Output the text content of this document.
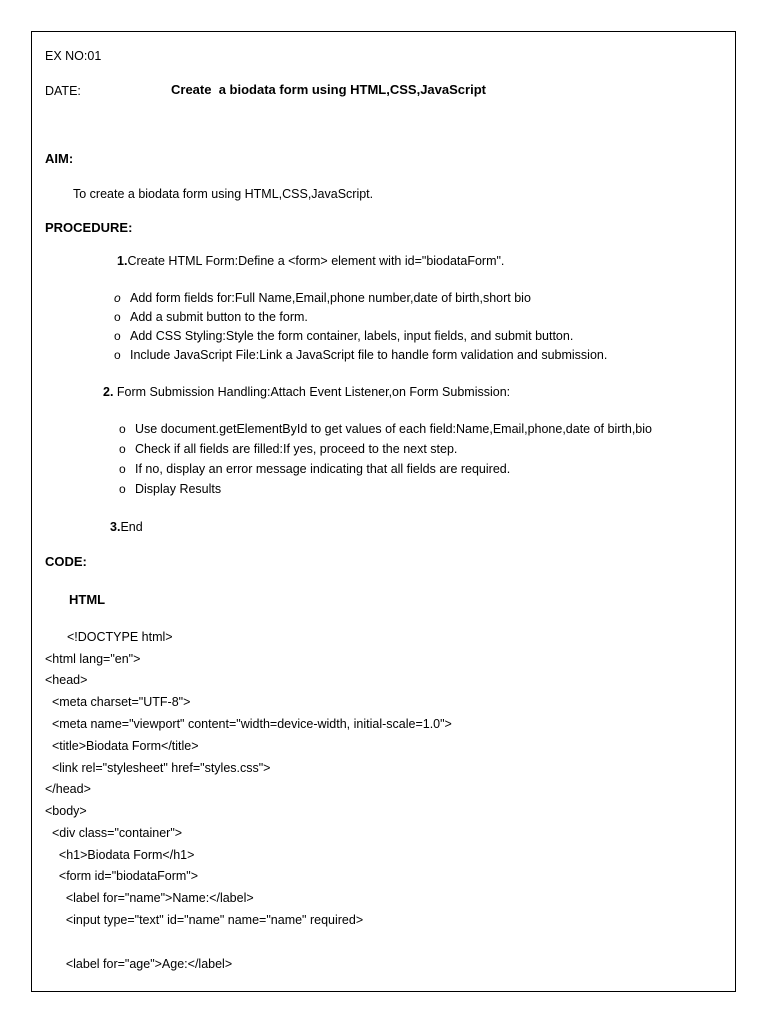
EX NO:01
DATE:	Create  a biodata form using HTML,CSS,JavaScript
AIM:
To create a biodata form using HTML,CSS,JavaScript.
PROCEDURE:
1.Create HTML Form:Define a <form> element with id="biodataForm".
o Add form fields for:Full Name,Email,phone number,date of birth,short bio
o Add a submit button to the form.
o Add CSS Styling:Style the form container, labels, input fields, and submit button.
o Include JavaScript File:Link a JavaScript file to handle form validation and submission.
2. Form Submission Handling:Attach Event Listener,on Form Submission:
o Use document.getElementById to get values of each field:Name,Email,phone,date of birth,bio
o Check if all fields are filled:If yes, proceed to the next step.
o If no, display an error message indicating that all fields are required.
o Display Results
3.End
CODE:
HTML
<!DOCTYPE html>
<html lang="en">
<head>
<meta charset="UTF-8">
<meta name="viewport" content="width=device-width, initial-scale=1.0">
<title>Biodata Form</title>
<link rel="stylesheet" href="styles.css">
</head>
<body>
<div class="container">
<h1>Biodata Form</h1>
<form id="biodataForm">
<label for="name">Name:</label>
<input type="text" id="name" name="name" required>
<label for="age">Age:</label>
